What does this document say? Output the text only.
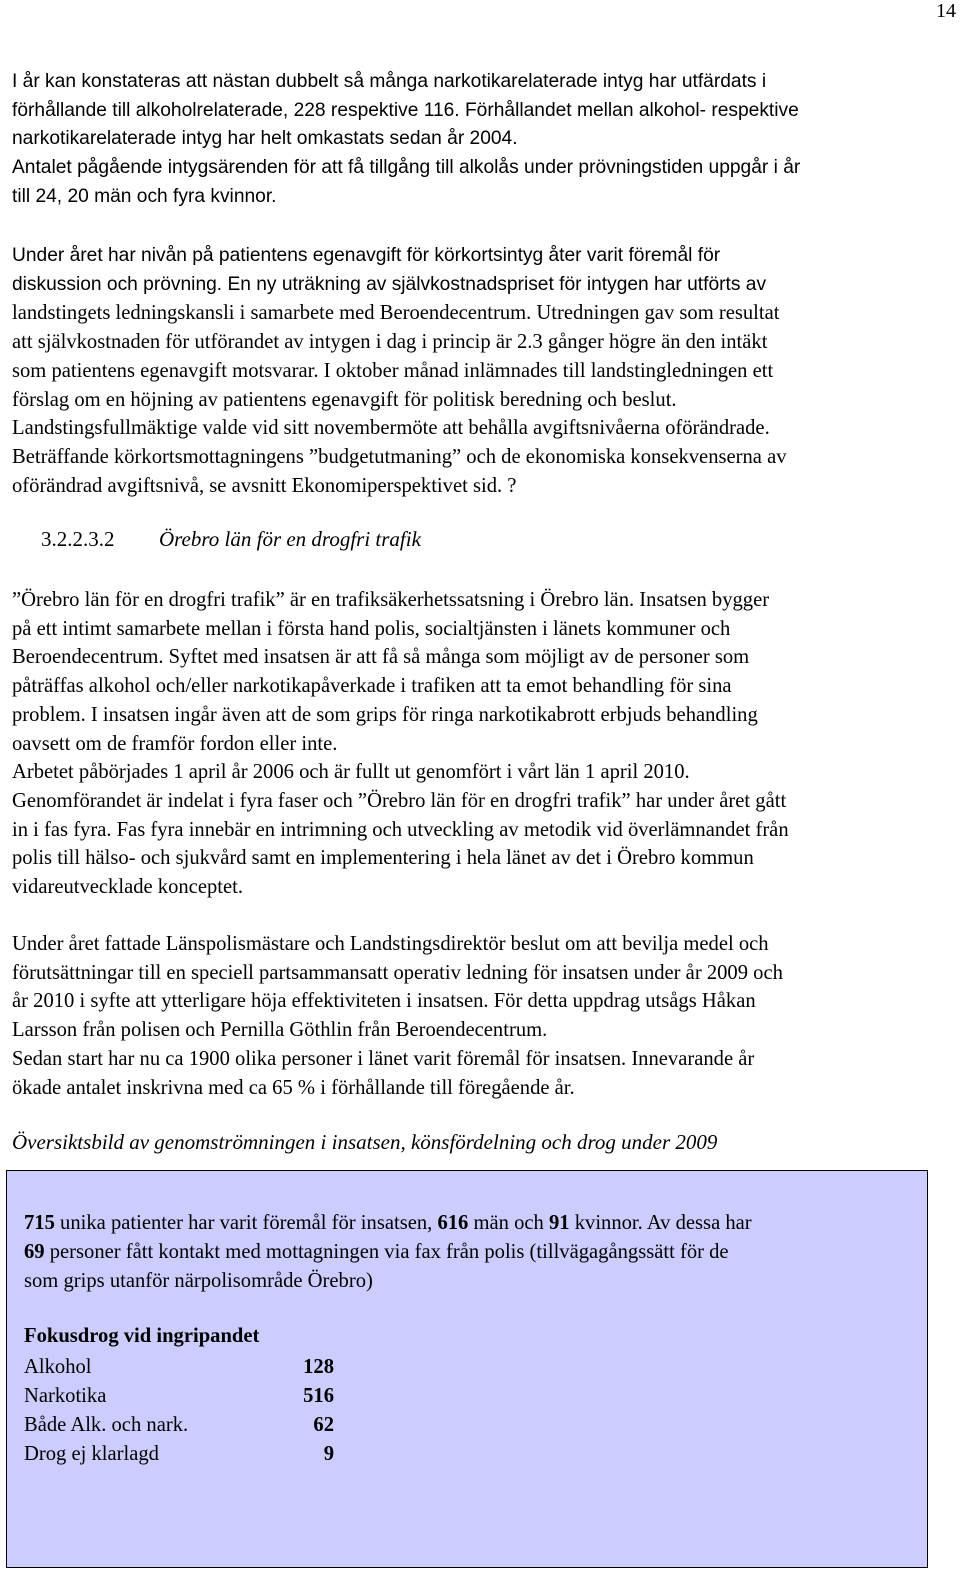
14
I år kan konstateras att nästan dubbelt så många narkotikarelaterade intyg har utfärdats i
förhållande till alkoholrelaterade, 228 respektive 116. Förhållandet mellan alkohol- respektive
narkotikarelaterade intyg har helt omkastats sedan år 2004.
Antalet pågående intygsärenden för att få tillgång till alkolås under prövningstiden uppgår i år
till 24, 20 män och fyra kvinnor.
Under året har nivån på patientens egenavgift för körkortsintyg åter varit föremål för
diskussion och prövning. En ny uträkning av självkostnadspriset för intygen har utförts av
landstingets ledningskansli i samarbete med Beroendecentrum. Utredningen gav som resultat
att självkostnaden för utförandet av intygen i dag i princip är 2.3 gånger högre än den intäkt
som patientens egenavgift motsvarar. I oktober månad inlämnades till landstingledningen ett
förslag om en höjning av patientens egenavgift för politisk beredning och beslut.
Landstingsfullmäktige valde vid sitt novembermöte att behålla avgiftsnivåerna oförändrade.
Beträffande körkortsmottagningens ”budgetutmaning” och de ekonomiska konsekvenserna av
oförändrad avgiftsnivå, se avsnitt Ekonomiperspektivet sid. ?
3.2.2.3.2 Örebro län för en drogfri trafik
”Örebro län för en drogfri trafik” är en trafiksäkerhetssatsning i Örebro län. Insatsen bygger
på ett intimt samarbete mellan i första hand polis, socialtjänsten i länets kommuner och
Beroendecentrum. Syftet med insatsen är att få så många som möjligt av de personer som
påträffas alkohol och/eller narkotikapåverkade i trafiken att ta emot behandling för sina
problem. I insatsen ingår även att de som grips för ringa narkotikabrott erbjuds behandling
oavsett om de framför fordon eller inte.
Arbetet påbörjades 1 april år 2006 och är fullt ut genomfört i vårt län 1 april 2010.
Genomförandet är indelat i fyra faser och ”Örebro län för en drogfri trafik” har under året gått
in i fas fyra. Fas fyra innebär en intrimning och utveckling av metodik vid överlämnandet från
polis till hälso- och sjukvård samt en implementering i hela länet av det i Örebro kommun
vidareutvecklade konceptet.
Under året fattade Länspolismästare och Landstingsdirektör beslut om att bevilja medel och
förutsättningar till en speciell partsammansatt operativ ledning för insatsen under år 2009 och
år 2010 i syfte att ytterligare höja effektiviteten i insatsen. För detta uppdrag utsågs Håkan
Larsson från polisen och Pernilla Göthlin från Beroendecentrum.
Sedan start har nu ca 1900 olika personer i länet varit föremål för insatsen. Innevarande år
ökade antalet inskrivna med ca 65 % i förhållande till föregående år.
Översiktsbild av genomströmningen i insatsen, könsfördelning och drog under 2009
715 unika patienter har varit föremål för insatsen, 616 män och 91 kvinnor. Av dessa har
69 personer fått kontakt med mottagningen via fax från polis (tillvägagångssätt för de
som grips utanför närpolisområde Örebro)
Fokusdrog vid ingripandet
Alkohol	128
Narkotika	516
Både Alk. och nark.	62
Drog ej klarlagd	9
